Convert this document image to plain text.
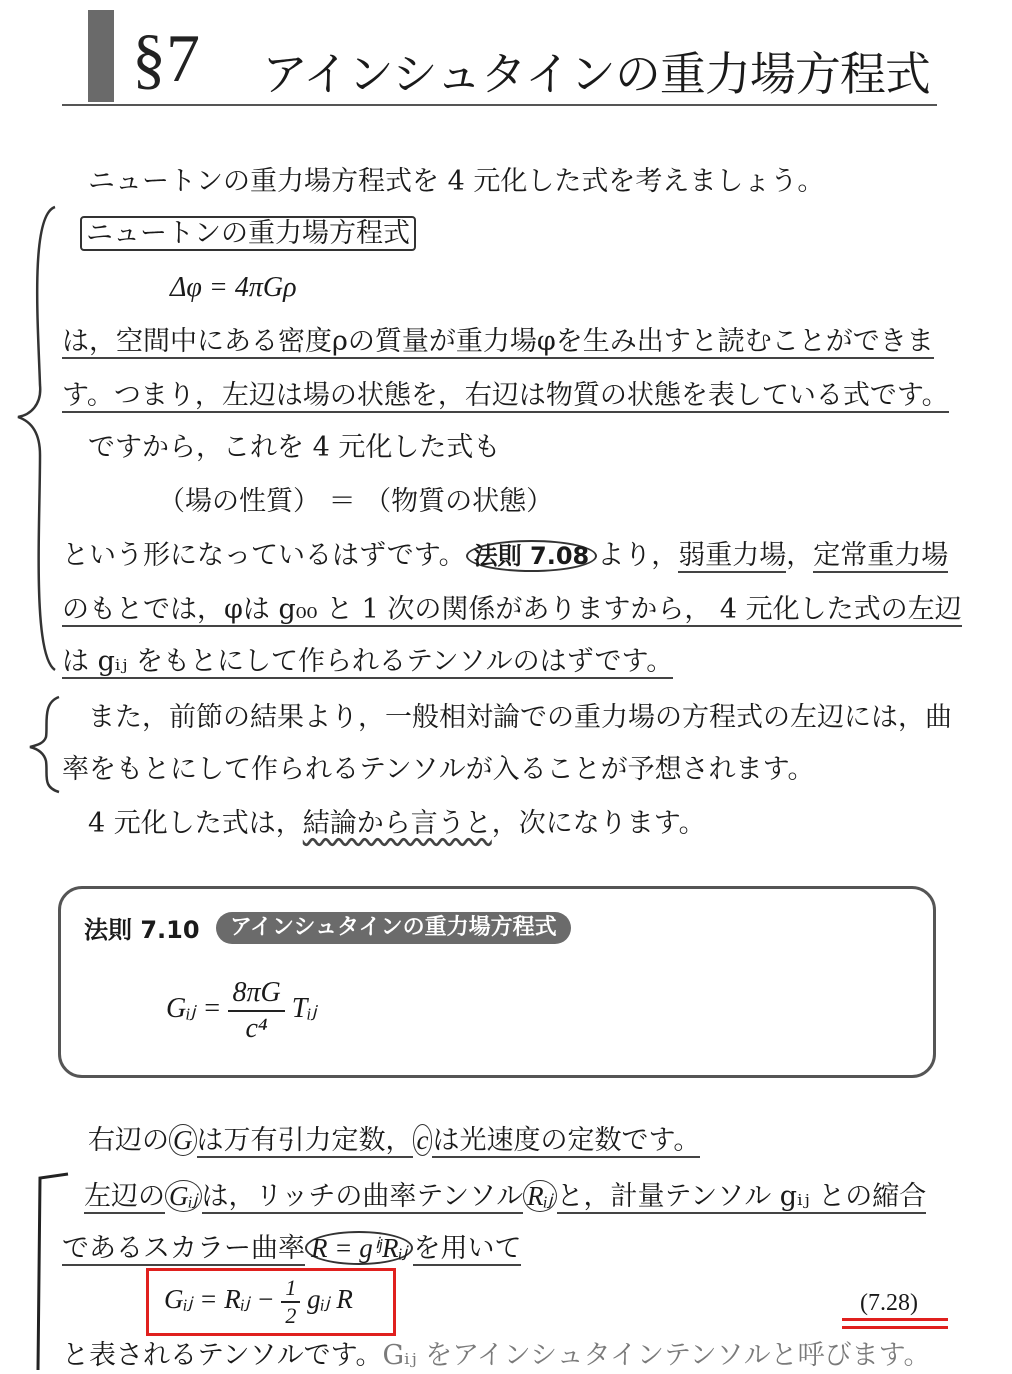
§7 アインシュタインの重力場方程式
ニュートンの重力場方程式を 4 元化した式を考えましょう。
ニュートンの重力場方程式
Δφ = 4πGρ
は，空間中にある密度ρの質量が重力場φを生み出すと読むことができま
す。つまり，左辺は場の状態を，右辺は物質の状態を表している式です。
ですから，これを 4 元化した式も
（場の性質） ＝ （物質の状態）
という形になっているはずです。 法則 7.08 より，弱重力場，定常重力場
のもとでは，φは g₀₀ と 1 次の関係がありますから， 4 元化した式の左辺
は gᵢⱼ をもとにして作られるテンソルのはずです。
また，前節の結果より，一般相対論での重力場の方程式の左辺には，曲
率をもとにして作られるテンソルが入ることが予想されます。
4 元化した式は，結論から言うと，次になります。
法則 7.10	アインシュタインの重力場方程式
Gᵢⱼ = $\frac{8\pi G}{\text{c⁴}}$ Tᵢⱼ
右辺の G は万有引力定数， c は光速度の定数です。
左辺の Gᵢⱼ は，リッチの曲率テンソル Rᵢⱼ と，計量テンソル gᵢⱼ との縮合
であるスカラー曲率 R = gⁱʲRᵢⱼ を用いて
Gᵢⱼ = Rᵢⱼ − $\frac{1}{2}$ gᵢⱼ R	(7.28)
と表されるテンソルです。Gᵢⱼ をアインシュタインテンソルと呼びます。
